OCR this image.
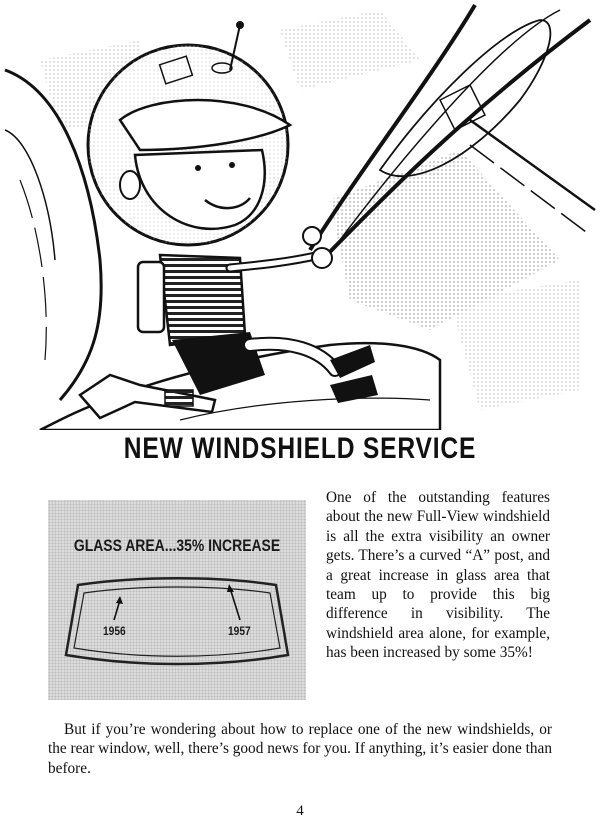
NEW WINDSHIELD SERVICE
GLASS AREA...35% INCREASE
1956	1957
One of the outstanding features about the new Full-View windshield is all the extra visibility an owner gets. There’s a curved “A” post, and a great increase in glass area that team up to provide this big difference in visibility. The windshield area alone, for example, has been increased by some 35%!
But if you’re wondering about how to replace one of the new windshields, or the rear window, well, there’s good news for you. If anything, it’s easier done than before.
4
